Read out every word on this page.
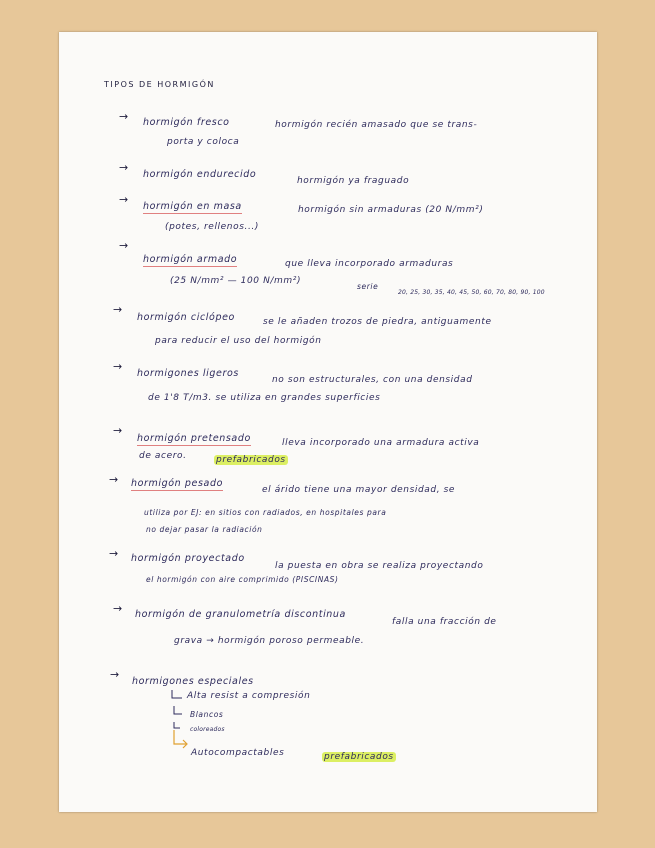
TIPOS DE HORMIGÓN
→ hormigón fresco	hormigón recién amasado que se trans-
porta y coloca
→
hormigón endurecido
hormigón ya fraguado
→
hormigón en masa	hormigón sin armaduras (20 N/mm²)
(potes, rellenos...)
→
hormigón armado	que lleva incorporado armaduras
(25 N/mm² — 100 N/mm²)
serie
20, 25, 30, 35, 40, 45, 50, 60, 70, 80, 90, 100
→
hormigón ciclópeo	se le añaden trozos de piedra, antiguamente
para reducir el uso del hormigón
→
hormigones ligeros
no son estructurales, con una densidad
de 1'8 T/m3. se utiliza en grandes superficies
→
hormigón pretensado	lleva incorporado una armadura activa
de acero.	prefabricados
→ hormigón pesado
el árido tiene una mayor densidad, se
utiliza por EJ: en sitios con radiados, en hospitales para
no dejar pasar la radiación
→ hormigón proyectado
la puesta en obra se realiza proyectando
el hormigón con aire comprimido (PISCINAS)
→ hormigón de granulometría discontinua
falla una fracción de
grava → hormigón poroso permeable.
→
hormigones especiales
Alta resist a compresión
Blancos
coloreados
Autocompactables	prefabricados
